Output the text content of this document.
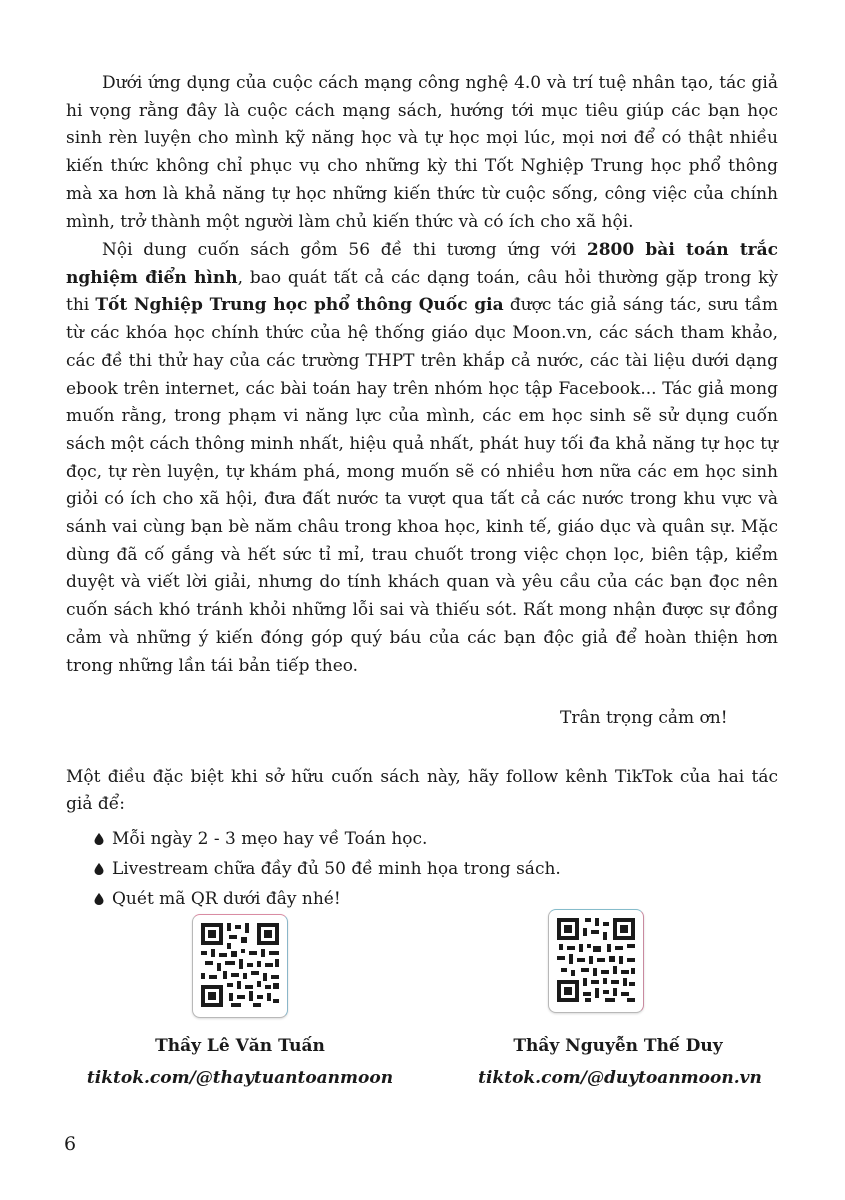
Dưới ứng dụng của cuộc cách mạng công nghệ 4.0 và trí tuệ nhân tạo, tác giả hi vọng rằng đây là cuộc cách mạng sách, hướng tới mục tiêu giúp các bạn học sinh rèn luyện cho mình kỹ năng học và tự học mọi lúc, mọi nơi để có thật nhiều kiến thức không chỉ phục vụ cho những kỳ thi Tốt Nghiệp Trung học phổ thông mà xa hơn là khả năng tự học những kiến thức từ cuộc sống, công việc của chính mình, trở thành một người làm chủ kiến thức và có ích cho xã hội.

Nội dung cuốn sách gồm 56 đề thi tương ứng với 2800 bài toán trắc nghiệm điển hình, bao quát tất cả các dạng toán, câu hỏi thường gặp trong kỳ thi Tốt Nghiệp Trung học phổ thông Quốc gia được tác giả sáng tác, sưu tầm từ các khóa học chính thức của hệ thống giáo dục Moon.vn, các sách tham khảo, các đề thi thử hay của các trường THPT trên khắp cả nước, các tài liệu dưới dạng ebook trên internet, các bài toán hay trên nhóm học tập Facebook... Tác giả mong muốn rằng, trong phạm vi năng lực của mình, các em học sinh sẽ sử dụng cuốn sách một cách thông minh nhất, hiệu quả nhất, phát huy tối đa khả năng tự học tự đọc, tự rèn luyện, tự khám phá, mong muốn sẽ có nhiều hơn nữa các em học sinh giỏi có ích cho xã hội, đưa đất nước ta vượt qua tất cả các nước trong khu vực và sánh vai cùng bạn bè năm châu trong khoa học, kinh tế, giáo dục và quân sự. Mặc dùng đã cố gắng và hết sức tỉ mỉ, trau chuốt trong việc chọn lọc, biên tập, kiểm duyệt và viết lời giải, nhưng do tính khách quan và yêu cầu của các bạn đọc nên cuốn sách khó tránh khỏi những lỗi sai và thiếu sót. Rất mong nhận được sự đồng cảm và những ý kiến đóng góp quý báu của các bạn độc giả để hoàn thiện hơn trong những lần tái bản tiếp theo.

Trân trọng cảm ơn!
Một điều đặc biệt khi sở hữu cuốn sách này, hãy follow kênh TikTok của hai tác giả để:
Mỗi ngày 2 - 3 mẹo hay về Toán học.
Livestream chữa đầy đủ 50 đề minh họa trong sách.
Quét mã QR dưới đây nhé!
Thầy Lê Văn Tuấn	Thầy Nguyễn Thế Duy
tiktok.com/@thaytuantoanmoon	tiktok.com/@duytoanmoon.vn
6
